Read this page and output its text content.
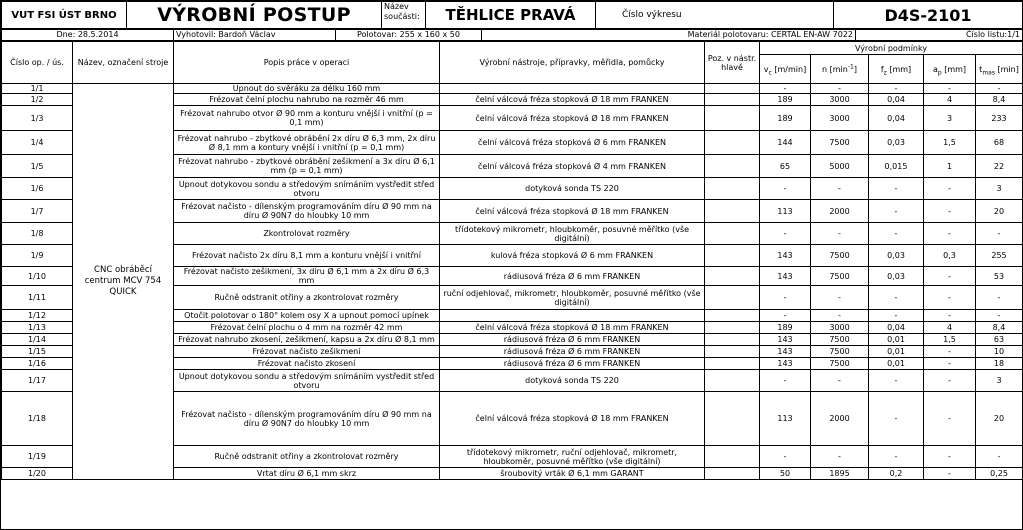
VUT FSI ÚST BRNO	VÝROBNÍ POSTUP	Název součásti:	TĚHLICE PRAVÁ	Číslo výkresu	D4S-2101
Dne: 28.5.2014	Vyhotovil: Bardoň Václav	Polotovar: 255 x 160 x 50	Materiál polotovaru: CERTAL EN-AW 7022	Číslo listu:1/1
Číslo op. / ús.	Název, označení stroje	Popis práce v operaci	Výrobní nástroje, přípravky, měřidla, pomůcky	Poz. v nástr. hlavě	Výrobní podmínky				
					$v_c$ [m/min]	n $[\min^{-1}]$	$f_z$ [mm]	$a_p$ [mm]	$t_{mas}$ [min]
1/1	CNC obráběcí centrum MCV 754 QUICK	Upnout do svěráku za délku 160 mm			-	-	-	-	-
1/2		Frézovat čelní plochu nahrubo na rozměr 46 mm	čelní válcová fréza stopková Ø 18 mm FRANKEN		189	3000	0,04	4	8,4
1/3		Frézovat nahrubo otvor Ø 90 mm a konturu vnější i vnitřní (p = 0,1 mm)	čelní válcová fréza stopková Ø 18 mm FRANKEN		189	3000	0,04	3	233
1/4		Frézovat nahrubo - zbytkové obrábění 2x díru Ø 6,3 mm, 2x díru Ø 8,1 mm a kontury vnější i vnitřní (p = 0,1 mm)	čelní válcová fréza stopková Ø 6 mm FRANKEN		144	7500	0,03	1,5	68
1/5		Frézovat nahrubo - zbytkové obrábění zešikmení a 3x díru Ø 6,1 mm (p = 0,1 mm)	čelní válcová fréza stopková Ø 4 mm FRANKEN		65	5000	0,015	1	22
1/6		Upnout dotykovou sondu a středovým snímáním vystředit střed otvoru	dotyková sonda TS 220		-	-	-	-	3
1/7		Frézovat načisto - dílenským programováním díru Ø 90 mm na díru Ø 90N7 do hloubky 10 mm	čelní válcová fréza stopková Ø 18 mm FRANKEN		113	2000	-	-	20
1/8		Zkontrolovat rozměry	třídotekový mikrometr, hloubkoměr, posuvné měřítko (vše digitální)		-	-	-	-	-
1/9		Frézovat načisto 2x díru 8,1 mm a konturu vnější i vnitřní	kulová fréza stopková Ø 6 mm FRANKEN		143	7500	0,03	0,3	255
1/10		Frézovat načisto zešikmení, 3x díru Ø 6,1 mm a 2x díru Ø 6,3 mm	rádiusová fréza Ø 6 mm FRANKEN		143	7500	0,03	-	53
1/11		Ručně odstranit otřiny a zkontrolovat rozměry	ruční odjehlovač, mikrometr, hloubkoměr, posuvné měřítko (vše digitální)		-	-	-	-	-
1/12		Otočit polotovar o 180° kolem osy X a upnout pomocí upínek			-	-	-	-	-
1/13		Frézovat čelní plochu o 4 mm na rozměr 42 mm	čelní válcová fréza stopková Ø 18 mm FRANKEN		189	3000	0,04	4	8,4
1/14		Frézovat nahrubo zkosení, zešikmení, kapsu a 2x díru Ø 8,1 mm	rádiusová fréza Ø 6 mm FRANKEN		143	7500	0,01	1,5	63
1/15		Frézovat načisto zešikmení	rádiusová fréza Ø 6 mm FRANKEN		143	7500	0,01	-	10
1/16		Frézovat načisto zkosení	rádiusová fréza Ø 6 mm FRANKEN		143	7500	0,01	-	18
1/17		Upnout dotykovou sondu a středovým snímáním vystředit střed otvoru	dotyková sonda TS 220		-	-	-	-	3
1/18		Frézovat načisto - dílenským programováním díru Ø 90 mm na díru Ø 90N7 do hloubky 10 mm	čelní válcová fréza stopková Ø 18 mm FRANKEN		113	2000	-	-	20
1/19		Ručně odstranit otřiny a zkontrolovat rozměry	třídotekový mikrometr, ruční odjehlovač, mikrometr, hloubkoměr, posuvné měřítko (vše digitální)		-	-	-	-	-
1/20		Vrtat díru Ø 6,1 mm skrz	šroubovitý vrták Ø 6,1 mm GARANT		50	1895	0,2	-	0,25
